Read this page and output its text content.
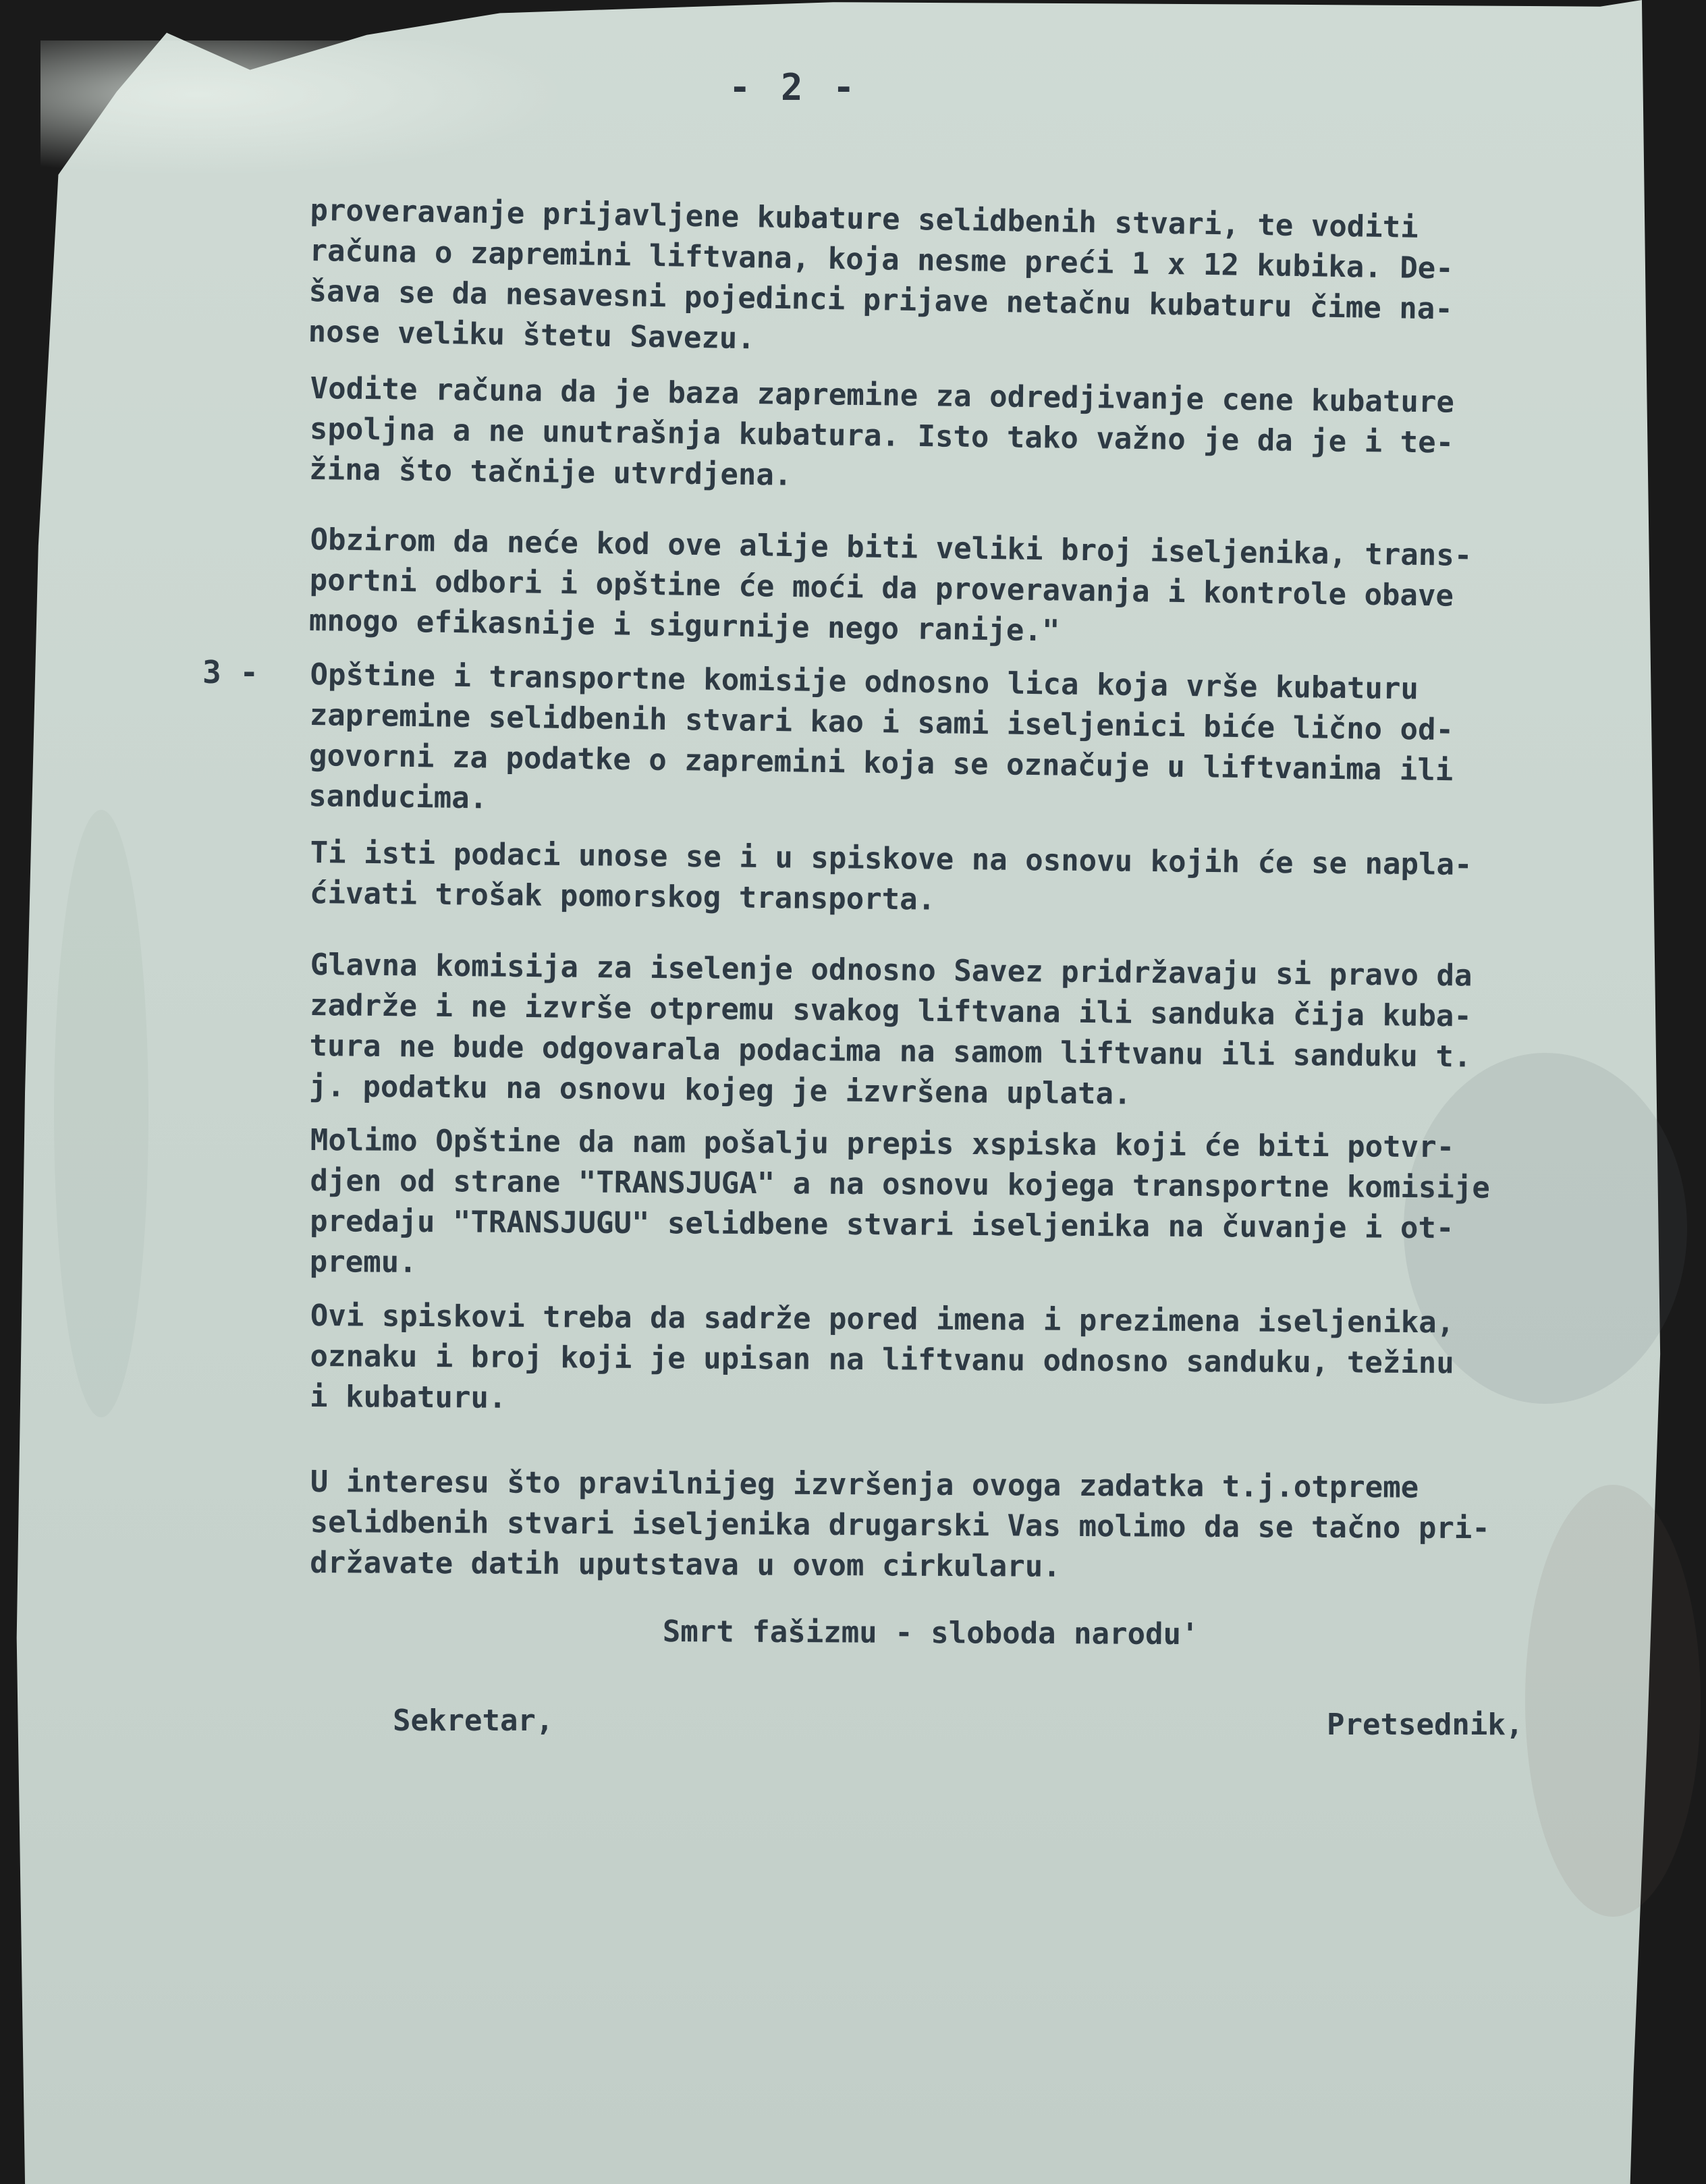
- 2 -

proveravanje prijavljene kubature selidbenih stvari, te voditi
računa o zapremini liftvana, koja nesme preći 1 x 12 kubika. De-
šava se da nesavesni pojedinci prijave netačnu kubaturu čime na-
nose veliku štetu Savezu.

Vodite računa da je baza zapremine za odredjivanje cene kubature
spoljna a ne unutrašnja kubatura. Isto tako važno je da je i te-
žina što tačnije utvrdjena.

Obzirom da neće kod ove alije biti veliki broj iseljenika, trans-
portni odbori i opštine će moći da proveravanja i kontrole obave
mnogo efikasnije i sigurnije nego ranije."

3 - Opštine i transportne komisije odnosno lica koja vrše kubaturu
zapremine selidbenih stvari kao i sami iseljenici biće lično od-
govorni za podatke o zapremini koja se označuje u liftvanima ili
sanducima.

Ti isti podaci unose se i u spiskove na osnovu kojih će se napla-
ćivati trošak pomorskog transporta.

Glavna komisija za iselenje odnosno Savez pridržavaju si pravo da
zadrže i ne izvrše otpremu svakog liftvana ili sanduka čija kuba-
tura ne bude odgovarala podacima na samom liftvanu ili sanduku t.
j. podatku na osnovu kojeg je izvršena uplata.

Molimo Opštine da nam pošalju prepis xspiska koji će biti potvr-
djen od strane "TRANSJUGA" a na osnovu kojega transportne komisije
predaju "TRANSJUGU" selidbene stvari iseljenika na čuvanje i ot-
premu.

Ovi spiskovi treba da sadrže pored imena i prezimena iseljenika,
oznaku i broj koji je upisan na liftvanu odnosno sanduku, težinu
i kubaturu.

U interesu što pravilnijeg izvršenja ovoga zadatka t.j.otpreme
selidbenih stvari iseljenika drugarski Vas molimo da se tačno pri-
državate datih uputstava u ovom cirkularu.

Smrt fašizmu - sloboda narodu'
Sekretar,	Pretsednik,
